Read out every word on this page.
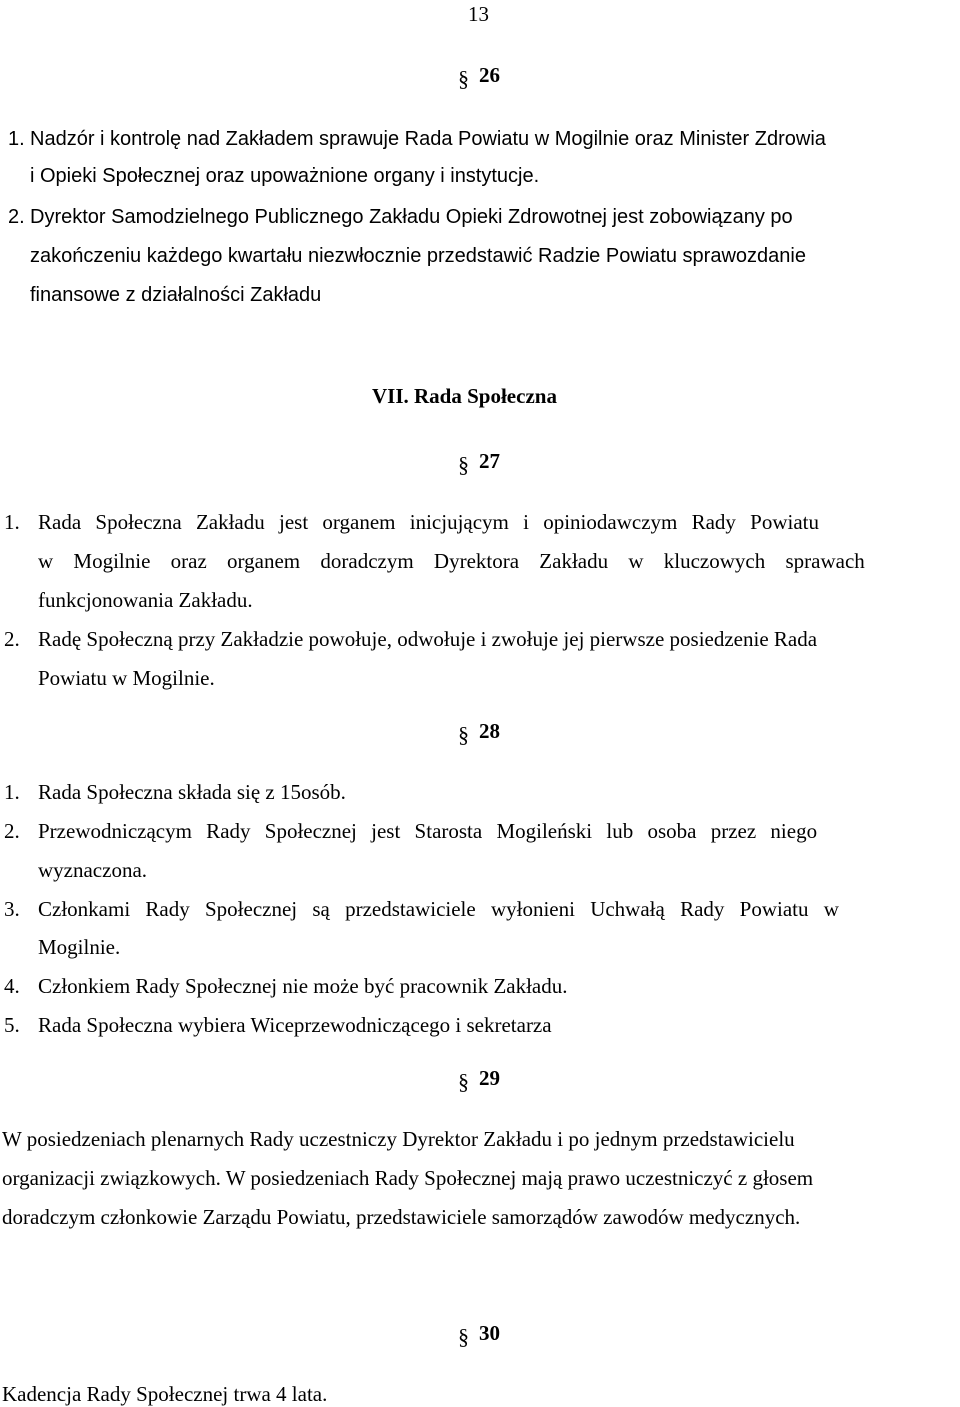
13
§ 26
1. Nadzór i kontrolę nad Zakładem sprawuje Rada Powiatu w Mogilnie oraz Minister Zdrowia
i Opieki Społecznej oraz upoważnione organy i instytucje.
2. Dyrektor Samodzielnego Publicznego Zakładu Opieki Zdrowotnej jest zobowiązany po
zakończeniu każdego kwartału niezwłocznie przedstawić Radzie Powiatu sprawozdanie
finansowe z działalności Zakładu
VII. Rada Społeczna
§ 27
1. Rada Społeczna Zakładu jest organem inicjującym i opiniodawczym Rady Powiatu
w Mogilnie oraz organem doradczym Dyrektora Zakładu w kluczowych sprawach
funkcjonowania Zakładu.
2. Radę Społeczną przy Zakładzie powołuje, odwołuje i zwołuje jej pierwsze posiedzenie Rada
Powiatu w Mogilnie.
§ 28
1. Rada Społeczna składa się z 15osób.
2. Przewodniczącym Rady Społecznej jest Starosta Mogileński lub osoba przez niego
wyznaczona.
3. Członkami Rady Społecznej są przedstawiciele wyłonieni Uchwałą Rady Powiatu w
Mogilnie.
4. Członkiem Rady Społecznej nie może być pracownik Zakładu.
5. Rada Społeczna wybiera Wiceprzewodniczącego i sekretarza
§ 29
W posiedzeniach plenarnych Rady uczestniczy Dyrektor Zakładu i po jednym przedstawicielu
organizacji związkowych. W posiedzeniach Rady Społecznej mają prawo uczestniczyć z głosem
doradczym członkowie Zarządu Powiatu, przedstawiciele samorządów zawodów medycznych.
§ 30
Kadencja Rady Społecznej trwa 4 lata.
